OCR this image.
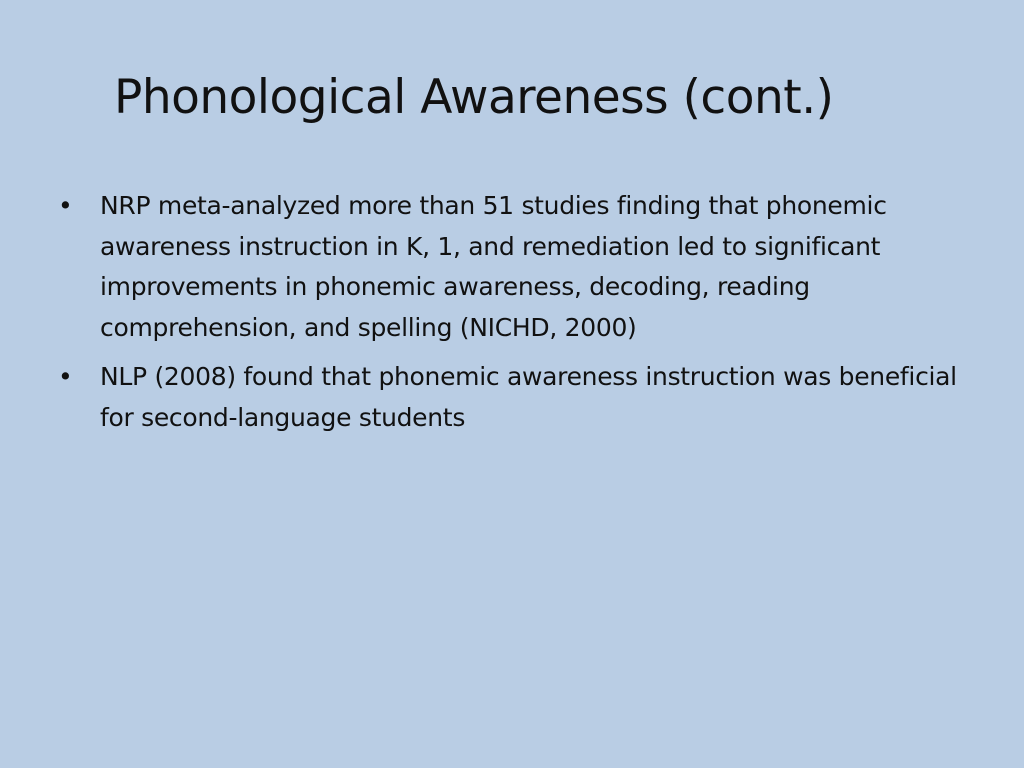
Phonological Awareness (cont.)
• NRP meta-analyzed more than 51 studies finding that phonemic awareness instruction in K, 1, and remediation led to significant improvements in phonemic awareness, decoding, reading comprehension, and spelling (NICHD, 2000)
• NLP (2008) found that phonemic awareness instruction was beneficial for second-language students
